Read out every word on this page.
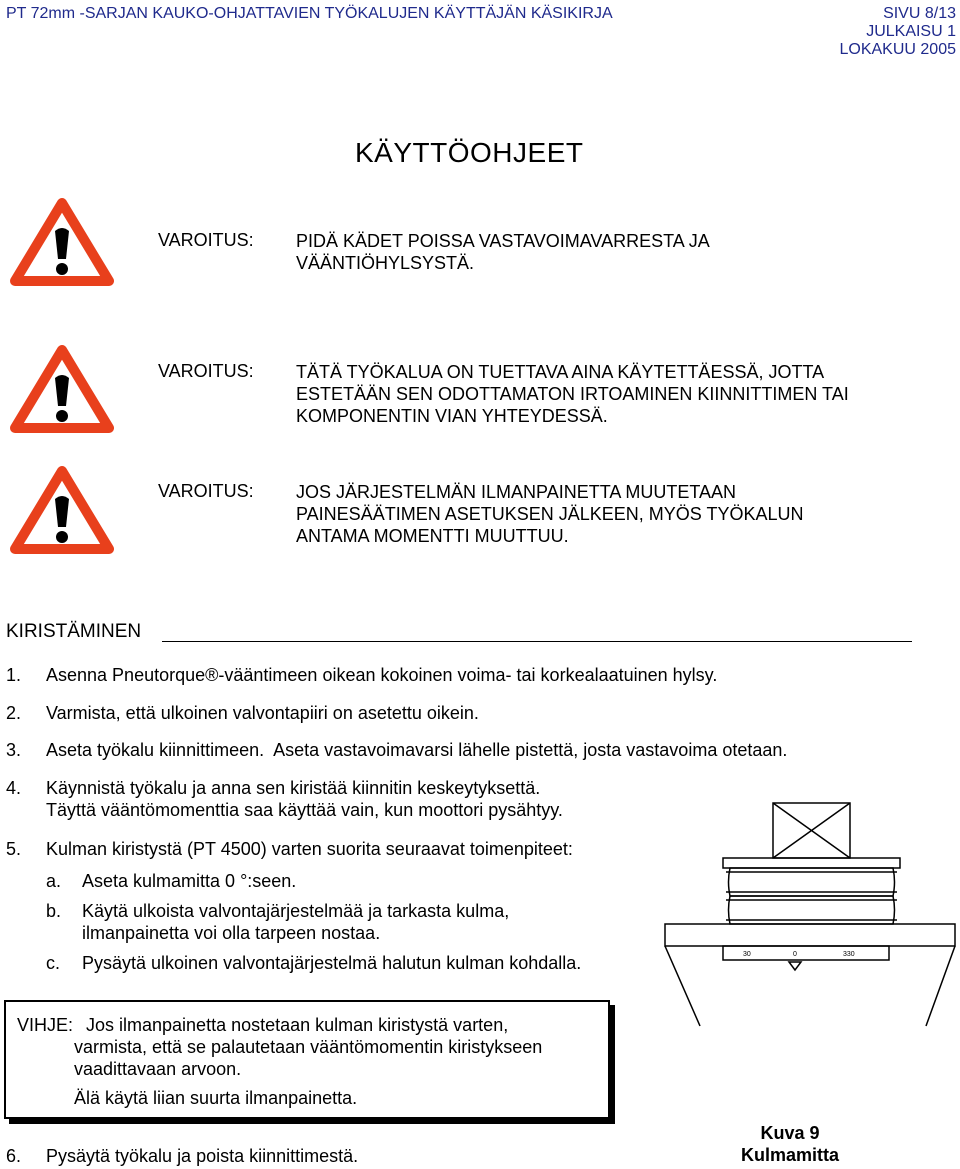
PT 72mm -SARJAN KAUKO-OHJATTAVIEN TYÖKALUJEN KÄYTTÄJÄN KÄSIKIRJA	SIVU 8/13
JULKAISU 1
LOKAKUU 2005
KÄYTTÖOHJEET
VAROITUS: PIDÄ KÄDET POISSA VASTAVOIMAVARRESTA JA
VÄÄNTIÖHYLSYSTÄ.
VAROITUS: TÄTÄ TYÖKALUA ON TUETTAVA AINA KÄYTETTÄESSÄ, JOTTA
ESTETÄÄN SEN ODOTTAMATON IRTOAMINEN KIINNITTIMEN TAI
KOMPONENTIN VIAN YHTEYDESSÄ.
VAROITUS: JOS JÄRJESTELMÄN ILMANPAINETTA MUUTETAAN
PAINESÄÄTIMEN ASETUKSEN JÄLKEEN, MYÖS TYÖKALUN
ANTAMA MOMENTTI MUUTTUU.
KIRISTÄMINEN
1. Asenna Pneutorque®-vääntimeen oikean kokoinen voima- tai korkealaatuinen hylsy.
2. Varmista, että ulkoinen valvontapiiri on asetettu oikein.
3. Aseta työkalu kiinnittimeen.  Aseta vastavoimavarsi lähelle pistettä, josta vastavoima otetaan.
4. Käynnistä työkalu ja anna sen kiristää kiinnitin keskeytyksettä.
Täyttä vääntömomenttia saa käyttää vain, kun moottori pysähtyy.
5. Kulman kiristystä (PT 4500) varten suorita seuraavat toimenpiteet:
a. Aseta kulmamitta 0 °:seen.
b. Käytä ulkoista valvontajärjestelmää ja tarkasta kulma,
ilmanpainetta voi olla tarpeen nostaa.
c. Pysäytä ulkoinen valvontajärjestelmä halutun kulman kohdalla.
VIHJE: Jos ilmanpainetta nostetaan kulman kiristystä varten,
varmista, että se palautetaan vääntömomentin kiristykseen
vaadittavaan arvoon.
Älä käytä liian suurta ilmanpainetta.
6. Pysäytä työkalu ja poista kiinnittimestä.
30	0	330
Kuva 9
Kulmamitta
